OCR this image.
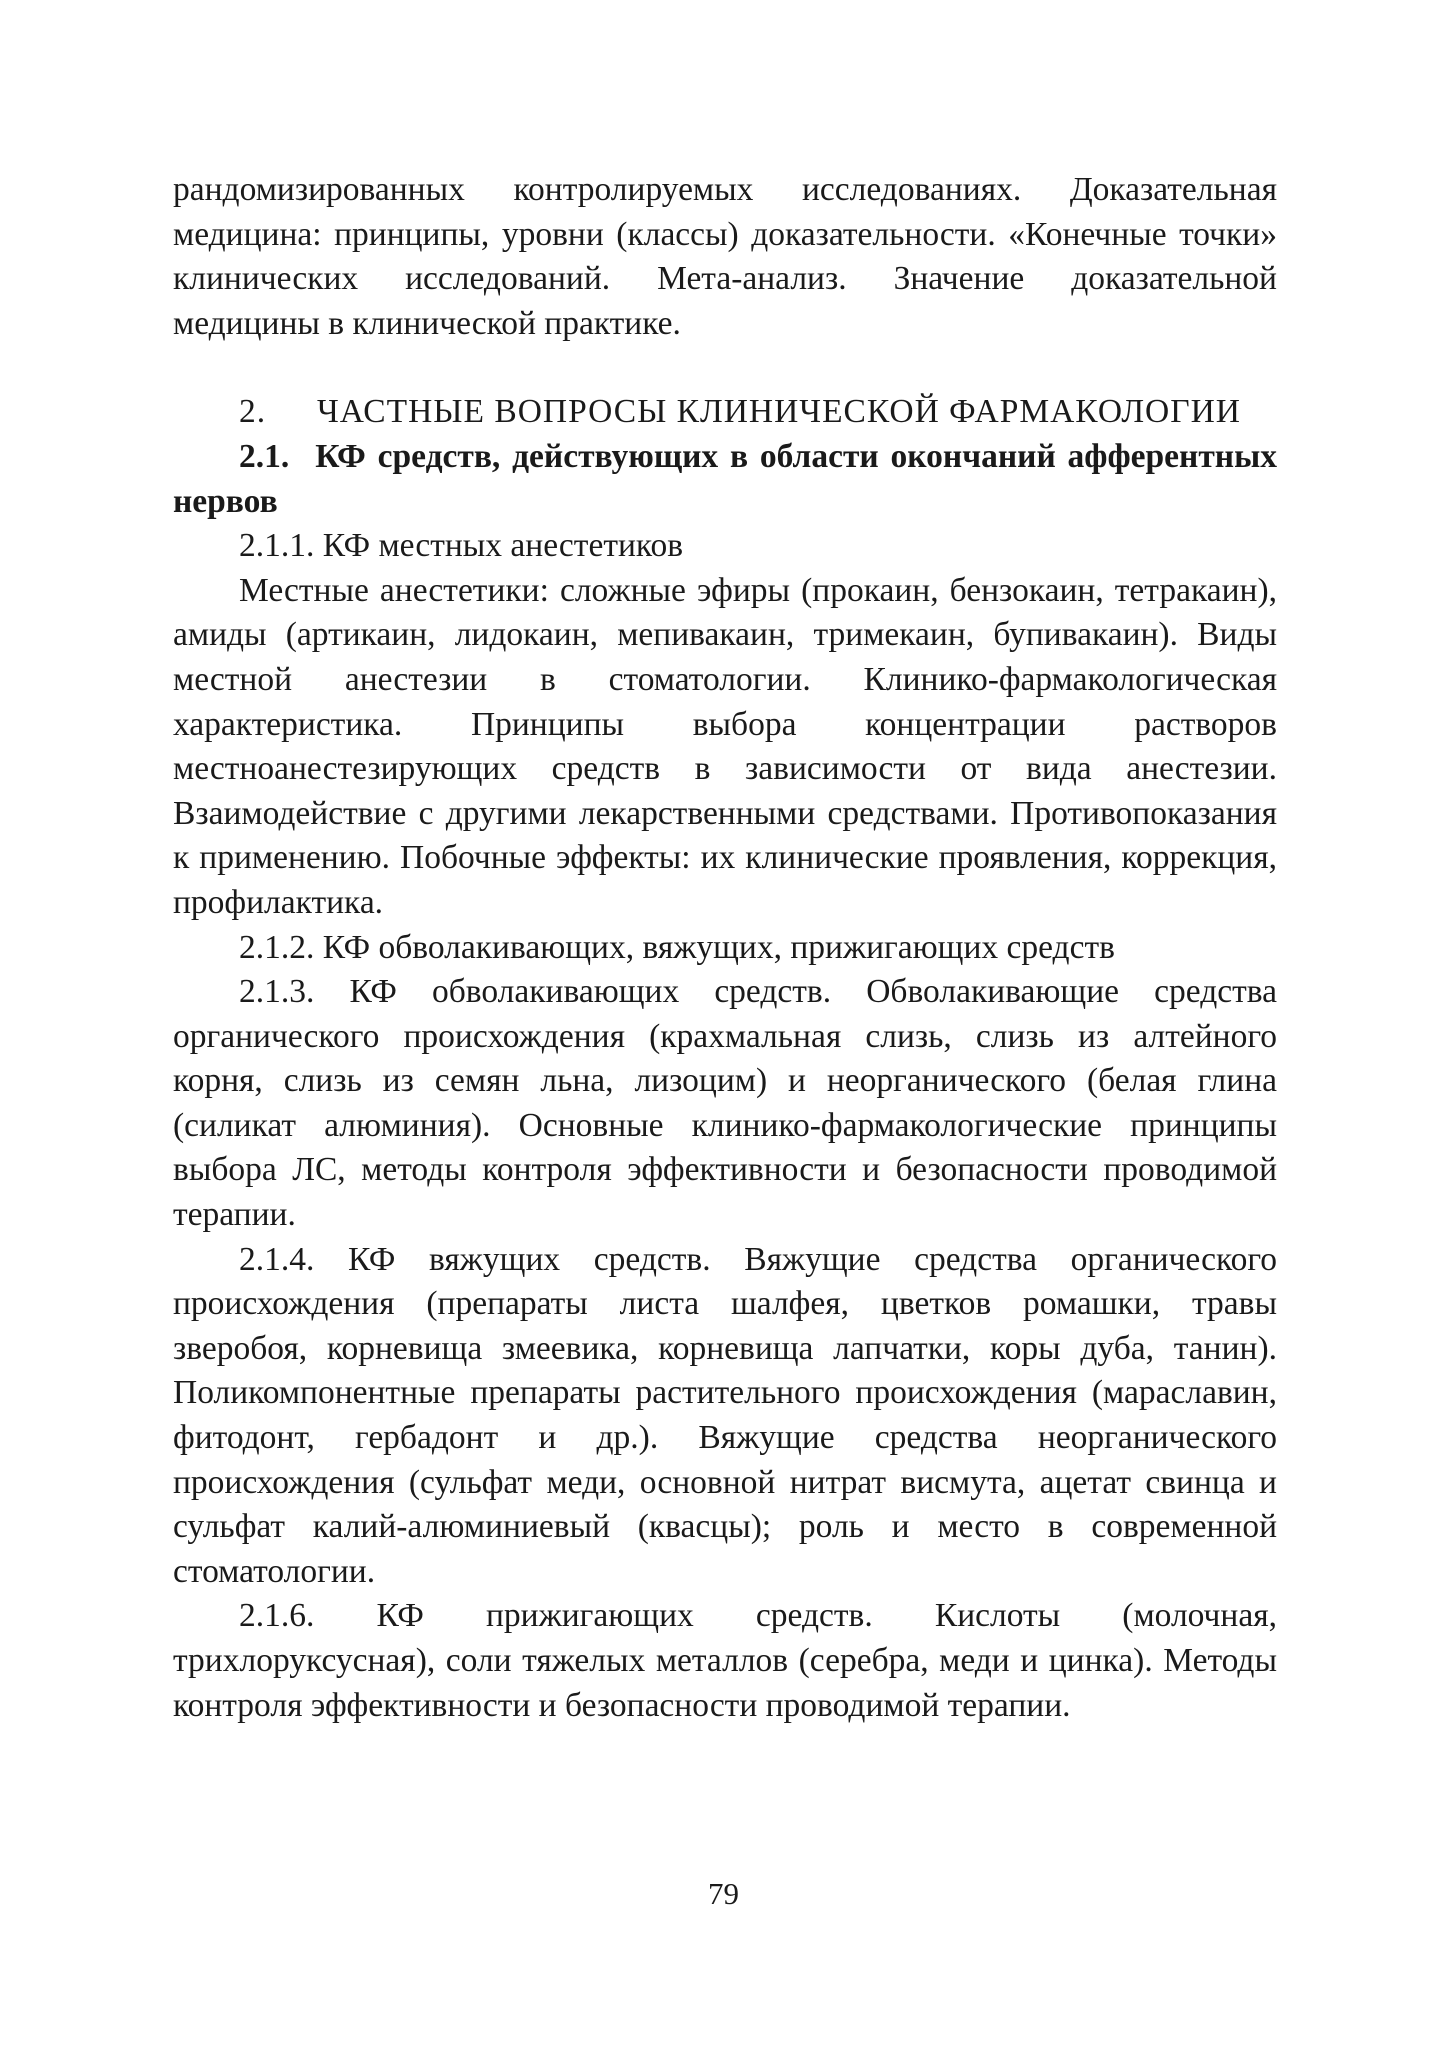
рандомизированных контролируемых исследованиях. Доказательная медицина: принципы, уровни (классы) доказательности. «Конечные точки» клинических исследований. Мета-анализ. Значение доказательной медицины в клинической практике.

2.	ЧАСТНЫЕ ВОПРОСЫ КЛИНИЧЕСКОЙ ФАРМАКОЛОГИИ

2.1. КФ средств, действующих в области окончаний афферентных нервов

2.1.1. КФ местных анестетиков

Местные анестетики: сложные эфиры (прокаин, бензокаин, тетракаин), амиды (артикаин, лидокаин, мепивакаин, тримекаин, бупивакаин). Виды местной анестезии в стоматологии. Клинико-фармакологическая характеристика. Принципы выбора концентрации растворов местноанестезирующих средств в зависимости от вида анестезии. Взаимодействие с другими лекарственными средствами. Противопоказания к применению. Побочные эффекты: их клинические проявления, коррекция, профилактика.

2.1.2. КФ обволакивающих, вяжущих, прижигающих средств

2.1.3. КФ обволакивающих средств. Обволакивающие средства органического происхождения (крахмальная слизь, слизь из алтейного корня, слизь из семян льна, лизоцим) и неорганического (белая глина (силикат алюминия). Основные клинико-фармакологические принципы выбора ЛС, методы контроля эффективности и безопасности проводимой терапии.

2.1.4. КФ вяжущих средств. Вяжущие средства органического происхождения (препараты листа шалфея, цветков ромашки, травы зверобоя, корневища змеевика, корневища лапчатки, коры дуба, танин). Поликомпонентные препараты растительного происхождения (мараславин, фитодонт, гербадонт и др.). Вяжущие средства неорганического происхождения (сульфат меди, основной нитрат висмута, ацетат свинца и сульфат калий-алюминиевый (квасцы); роль и место в современной стоматологии.

2.1.6. КФ прижигающих средств. Кислоты (молочная, трихлоруксусная), соли тяжелых металлов (серебра, меди и цинка). Методы контроля эффективности и безопасности проводимой терапии.

79
